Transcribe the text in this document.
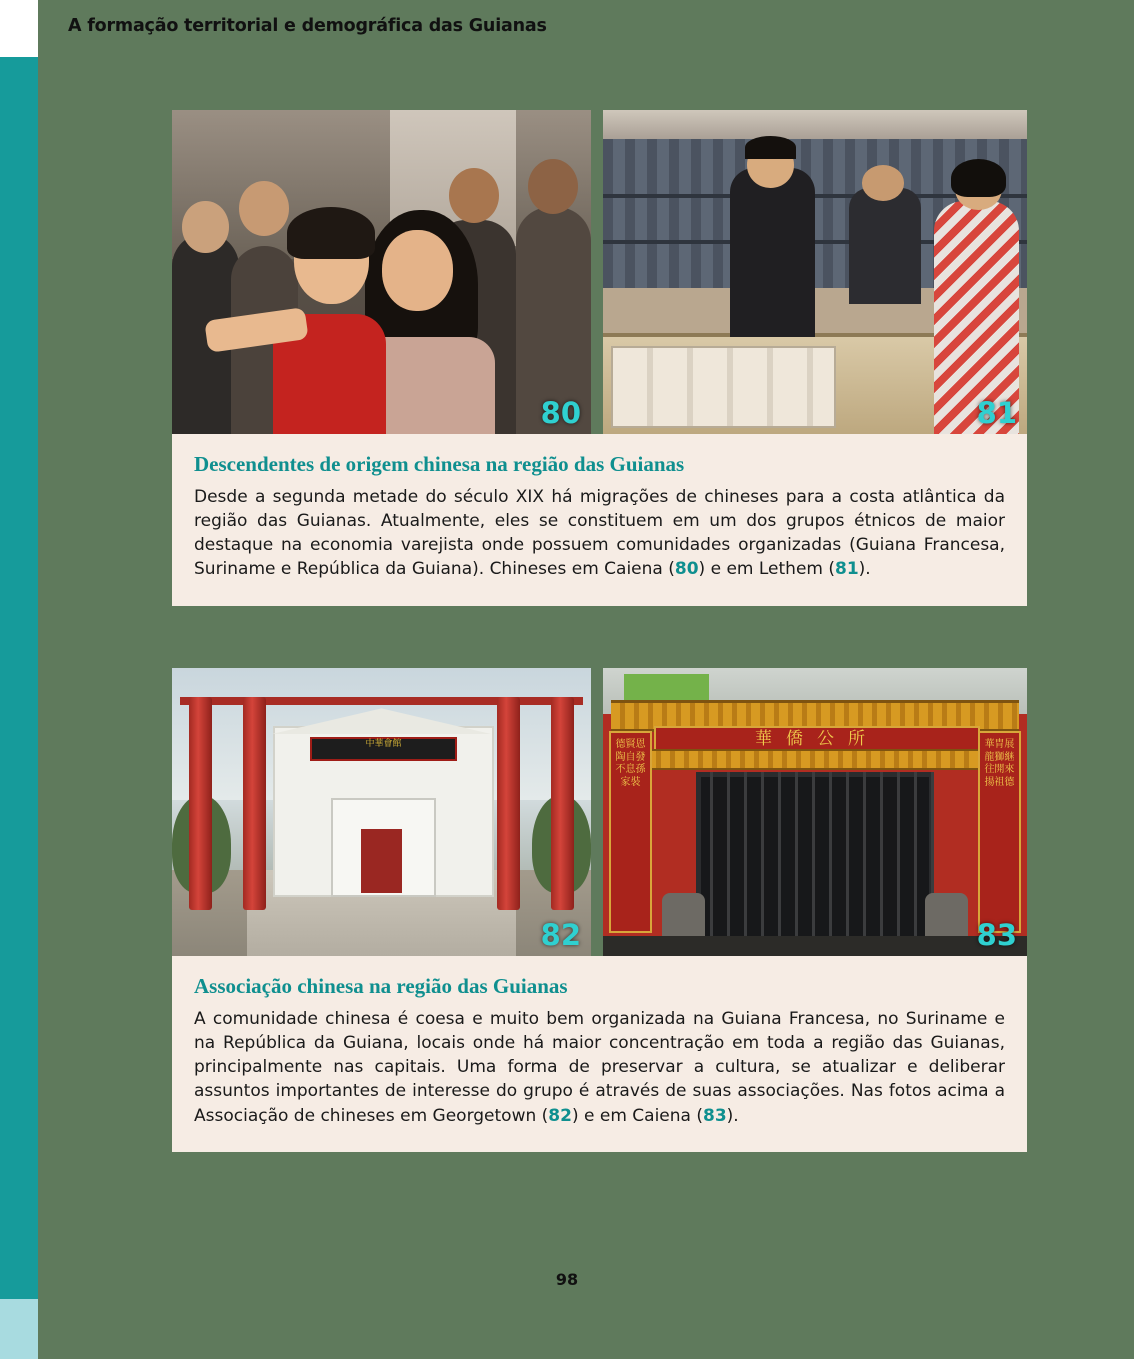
A formação territorial e demográfica das Guianas
80	81
Descendentes de origem chinesa na região das Guianas

Desde a segunda metade do século XIX há migrações de chineses para a costa atlântica da região das Guianas. Atualmente, eles se constituem em um dos grupos étnicos de maior destaque na economia varejista onde possuem comunidades organizadas (Guiana Francesa, Suriname e República da Guiana). Chineses em Caiena (80) e em Lethem (81).

中華會館
82
華僑公所
德賢恩陶自發不息孫家裝
華胄展龍獅継往開來揚祖德
83
Associação chinesa na região das Guianas

A comunidade chinesa é coesa e muito bem organizada na Guiana Francesa, no Suriname e na República da Guiana, locais onde há maior concentração em toda a região das Guianas, principalmente nas capitais. Uma forma de preservar a cultura, se atualizar e deliberar assuntos importantes de interesse do grupo é através de suas associações. Nas fotos acima a Associação de chineses em Georgetown (82) e em Caiena (83).

98
